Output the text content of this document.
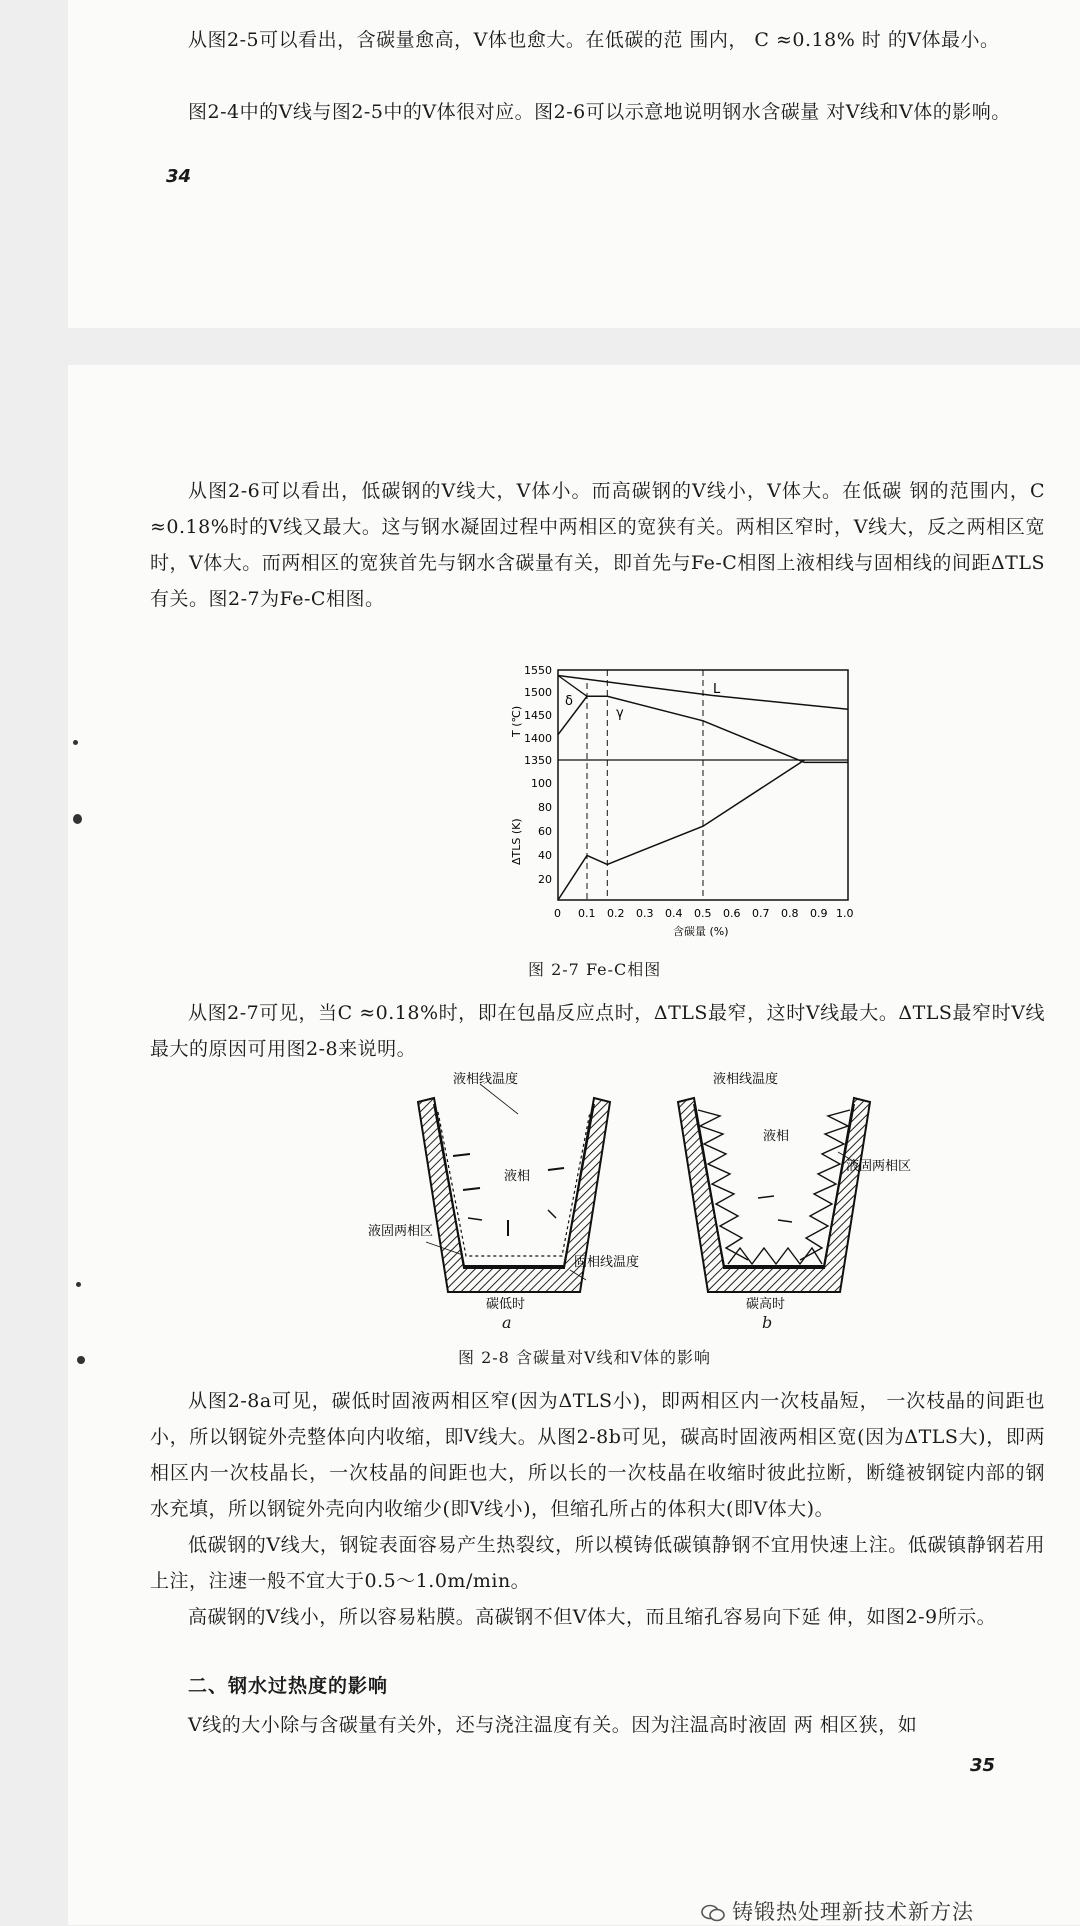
从图2-5可以看出，含碳量愈高，V体也愈大。在低碳的范 围内， C ≈0.18% 时 的V体最小。

图2-4中的V线与图2-5中的V体很对应。图2-6可以示意地说明钢水含碳量 对V线和V体的影响。

34

从图2-6可以看出，低碳钢的V线大，V体小。而高碳钢的V线小，V体大。在低碳 钢的范围内，C ≈0.18%时的V线又最大。这与钢水凝固过程中两相区的宽狭有关。两相区窄时，V线大，反之两相区宽时，V体大。而两相区的宽狭首先与钢水含碳量有关，即首先与Fe-C相图上液相线与固相线的间距ΔTLS有关。图2-7为Fe-C相图。

L
δ
γ
1550
1500
1450
1400
1350
100
80
60
40
20
T (℃)
ΔTLS (K)
0 0.1 0.2 0.3 0.4 0.5 0.6 0.7 0.8 0.9 1.0
含碳量 (%)
图 2-7 Fe-C相图

从图2-7可见，当C ≈0.18%时，即在包晶反应点时，ΔTLS最窄，这时V线最大。ΔTLS最窄时V线最大的原因可用图2-8来说明。

液相线温度
液相
液固两相区
固相线温度
碳低时
液相线温度
液相
液固两相区
碳高时
a	b
图 2-8 含碳量对V线和V体的影响

从图2-8a可见，碳低时固液两相区窄(因为ΔTLS小)，即两相区内一次枝晶短， 一次枝晶的间距也小，所以钢锭外壳整体向内收缩，即V线大。从图2-8b可见，碳高时固液两相区宽(因为ΔTLS大)，即两相区内一次枝晶长，一次枝晶的间距也大，所以长的一次枝晶在收缩时彼此拉断，断缝被钢锭内部的钢水充填，所以钢锭外壳向内收缩少(即V线小)，但缩孔所占的体积大(即V体大)。

低碳钢的V线大，钢锭表面容易产生热裂纹，所以模铸低碳镇静钢不宜用快速上注。低碳镇静钢若用上注，注速一般不宜大于0.5～1.0m/min。

高碳钢的V线小，所以容易粘膜。高碳钢不但V体大，而且缩孔容易向下延 伸，如图2-9所示。

二、钢水过热度的影响

V线的大小除与含碳量有关外，还与浇注温度有关。因为注温高时液固 两 相区狭，如

35
铸锻热处理新技术新方法
